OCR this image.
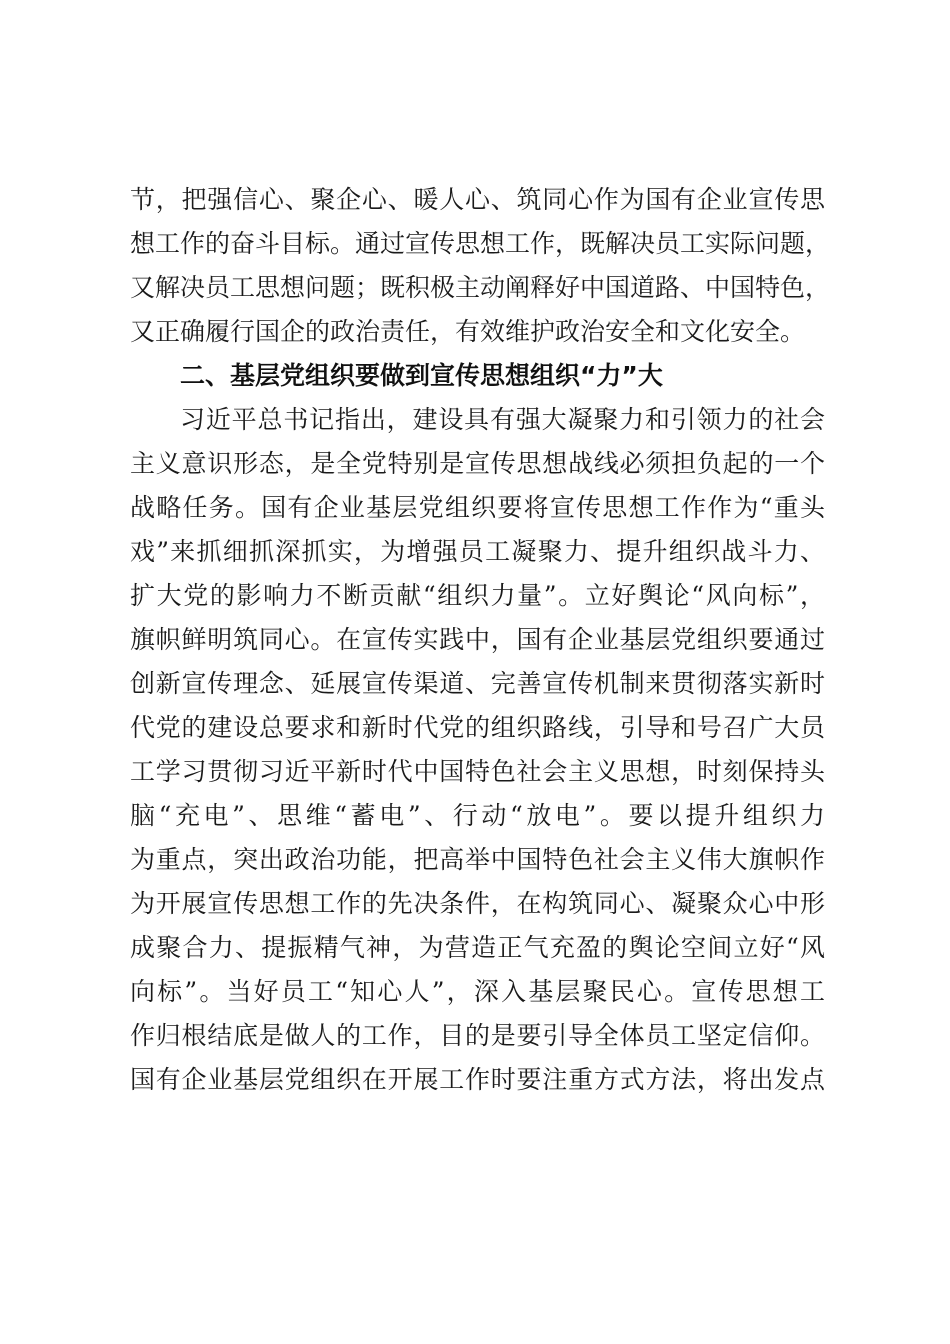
节，把强信心、聚企心、暖人心、筑同心作为国有企业宣传思
想工作的奋斗目标。通过宣传思想工作，既解决员工实际问题，
又解决员工思想问题；既积极主动阐释好中国道路、中国特色，
又正确履行国企的政治责任，有效维护政治安全和文化安全。
二、基层党组织要做到宣传思想组织“力”大
习近平总书记指出，建设具有强大凝聚力和引领力的社会
主义意识形态，是全党特别是宣传思想战线必须担负起的一个
战略任务。国有企业基层党组织要将宣传思想工作作为“重头
戏”来抓细抓深抓实，为增强员工凝聚力、提升组织战斗力、
扩大党的影响力不断贡献“组织力量”。立好舆论“风向标”，
旗帜鲜明筑同心。在宣传实践中，国有企业基层党组织要通过
创新宣传理念、延展宣传渠道、完善宣传机制来贯彻落实新时
代党的建设总要求和新时代党的组织路线，引导和号召广大员
工学习贯彻习近平新时代中国特色社会主义思想，时刻保持头
脑“充电”、思维“蓄电”、行动“放电”。要以提升组织力
为重点，突出政治功能，把高举中国特色社会主义伟大旗帜作
为开展宣传思想工作的先决条件，在构筑同心、凝聚众心中形
成聚合力、提振精气神，为营造正气充盈的舆论空间立好“风
向标”。当好员工“知心人”，深入基层聚民心。宣传思想工
作归根结底是做人的工作，目的是要引导全体员工坚定信仰。
国有企业基层党组织在开展工作时要注重方式方法，将出发点
